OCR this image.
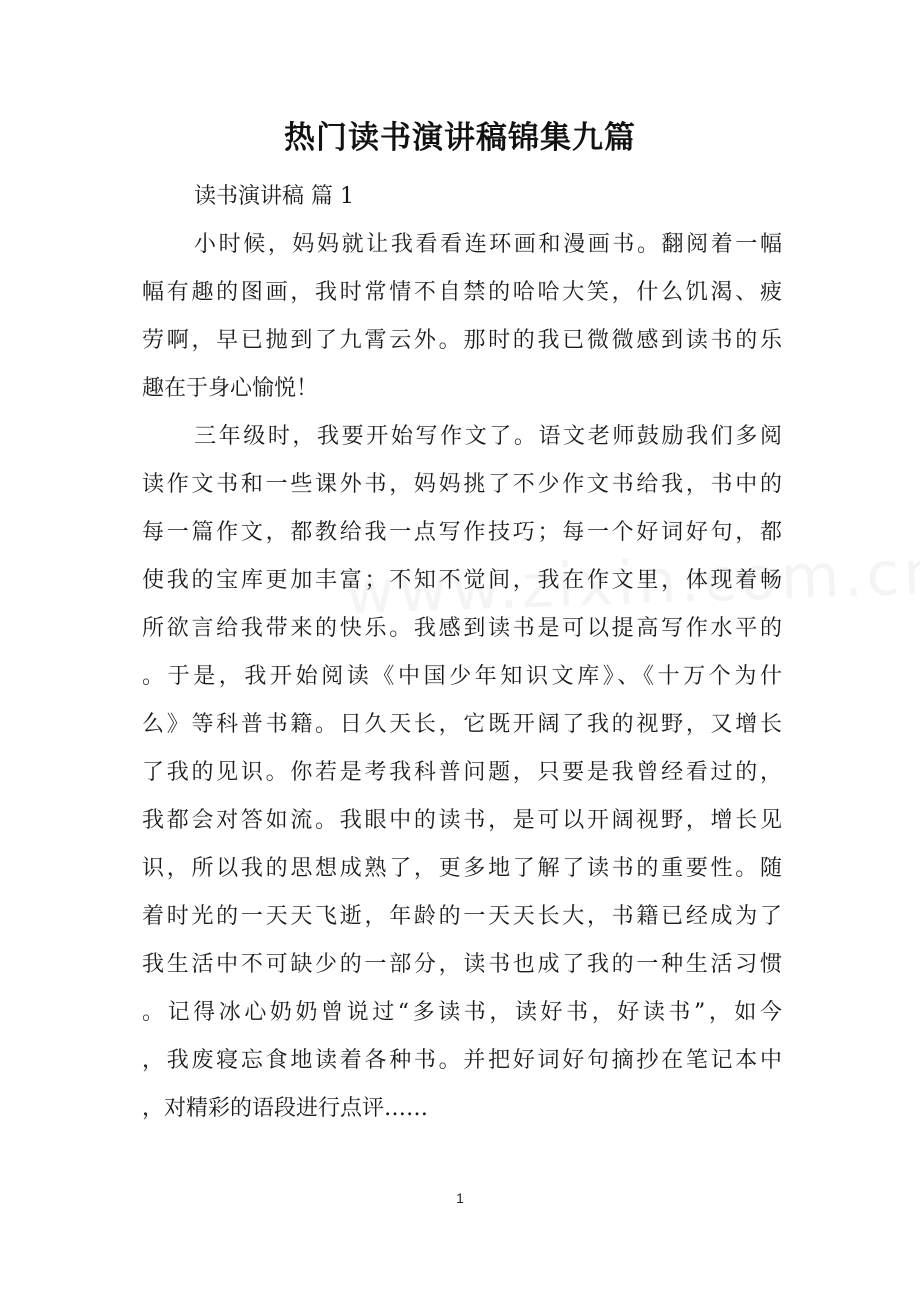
热门读书演讲稿锦集九篇
读书演讲稿 篇 1
小时候，妈妈就让我看看连环画和漫画书。翻阅着一幅
幅有趣的图画，我时常情不自禁的哈哈大笑，什么饥渴、疲
劳啊，早已抛到了九霄云外。那时的我已微微感到读书的乐
趣在于身心愉悦！
三年级时，我要开始写作文了。语文老师鼓励我们多阅
读作文书和一些课外书，妈妈挑了不少作文书给我，书中的
每一篇作文，都教给我一点写作技巧；每一个好词好句，都
使我的宝库更加丰富；不知不觉间，我在作文里，体现着畅
所欲言给我带来的快乐。我感到读书是可以提高写作水平的
。于是，我开始阅读《中国少年知识文库》、《十万个为什
么》等科普书籍。日久天长，它既开阔了我的视野，又增长
了我的见识。你若是考我科普问题，只要是我曾经看过的，
我都会对答如流。我眼中的读书，是可以开阔视野，增长见
识，所以我的思想成熟了，更多地了解了读书的重要性。随
着时光的一天天飞逝，年龄的一天天长大，书籍已经成为了
我生活中不可缺少的一部分，读书也成了我的一种生活习惯
。记得冰心奶奶曾说过“多读书，读好书，好读书”，如今
，我废寝忘食地读着各种书。并把好词好句摘抄在笔记本中
，对精彩的语段进行点评……
1
